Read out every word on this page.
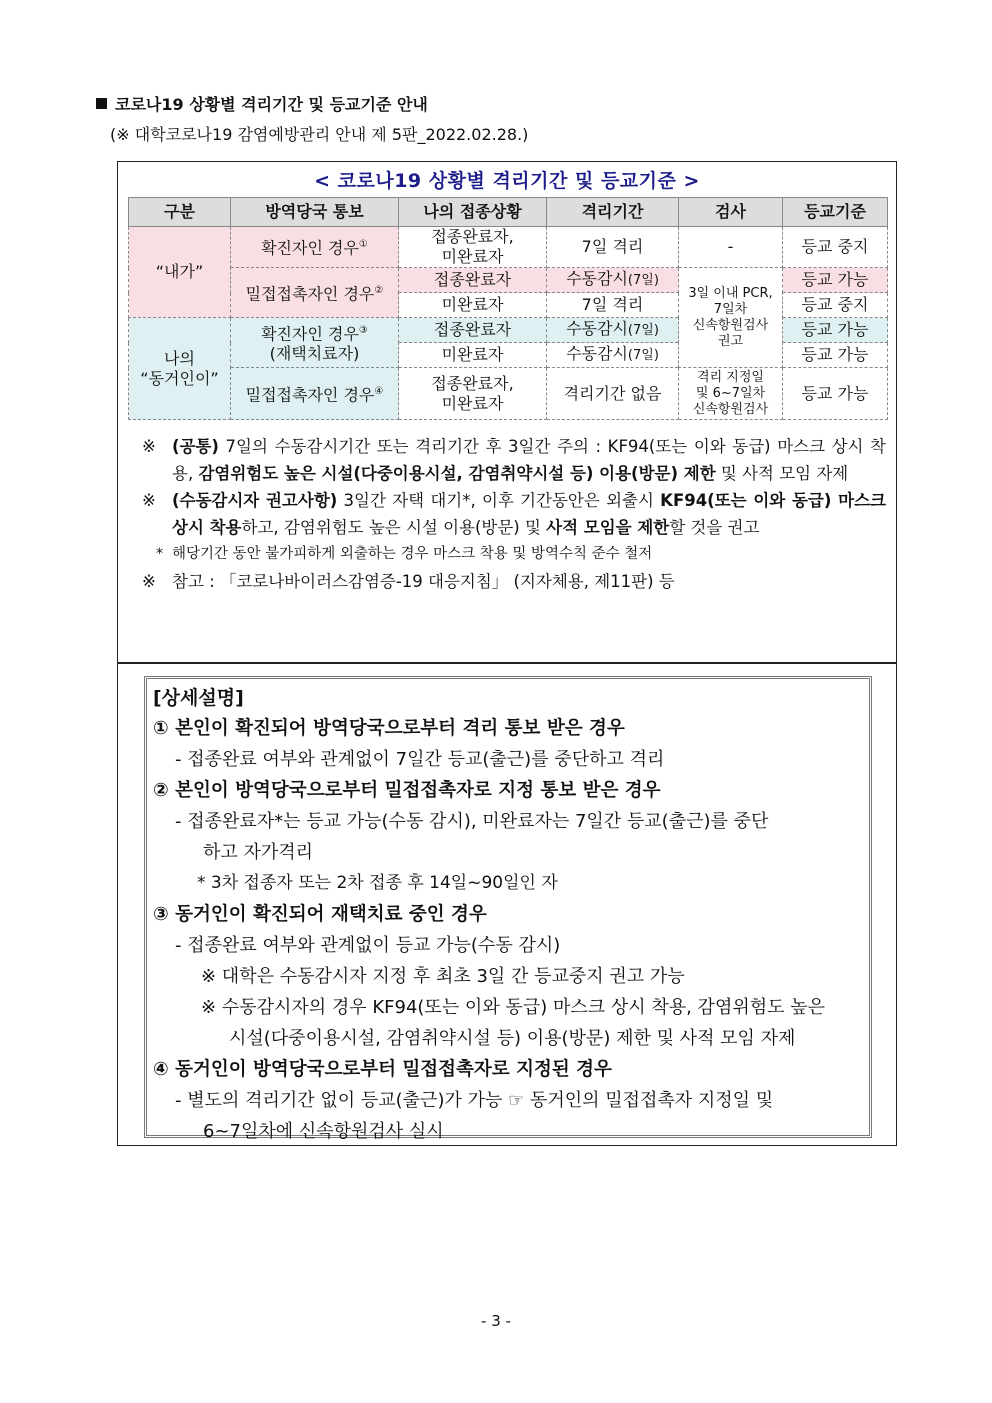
코로나19 상황별 격리기간 및 등교기준 안내
(※ 대학코로나19 감염예방관리 안내 제 5판_2022.02.28.)
< 코로나19 상황별 격리기간 및 등교기준 >
구분	방역당국 통보	나의 접종상황	격리기간	검사	등교기준
“내가”	확진자인 경우①	접종완료자,
미완료자	7일 격리	-	등교 중지
	밀접접촉자인 경우②	접종완료자	수동감시(7일)	3일 이내 PCR,
7일차
신속항원검사
권고	등교 가능
		미완료자	7일 격리		등교 중지
나의
“동거인이”	확진자인 경우③
(재택치료자)	접종완료자	수동감시(7일)		등교 가능
		미완료자	수동감시(7일)		등교 가능
	밀접접촉자인 경우④	접종완료자,
미완료자	격리기간 없음	격리 지정일
및 6~7일차
신속항원검사	등교 가능
※ (공통) 7일의 수동감시기간 또는 격리기간 후 3일간 주의 : KF94(또는 이와 동급) 마스크 상시 착용, 감염위험도 높은 시설(다중이용시설, 감염취약시설 등) 이용(방문) 제한 및 사적 모임 자제
※ (수동감시자 권고사항) 3일간 자택 대기*, 이후 기간동안은 외출시 KF94(또는 이와 동급) 마스크 상시 착용하고, 감염위험도 높은 시설 이용(방문) 및 사적 모임을 제한할 것을 권고
* 해당기간 동안 불가피하게 외출하는 경우 마스크 착용 및 방역수칙 준수 철저
※ 참고 : 「코로나바이러스감염증-19 대응지침」 (지자체용, 제11판) 등
[상세설명]
① 본인이 확진되어 방역당국으로부터 격리 통보 받은 경우
- 접종완료 여부와 관계없이 7일간 등교(출근)를 중단하고 격리
② 본인이 방역당국으로부터 밀접접촉자로 지정 통보 받은 경우
- 접종완료자*는 등교 가능(수동 감시), 미완료자는 7일간 등교(출근)를 중단
하고 자가격리
* 3차 접종자 또는 2차 접종 후 14일~90일인 자
③ 동거인이 확진되어 재택치료 중인 경우
- 접종완료 여부와 관계없이 등교 가능(수동 감시)
※ 대학은 수동감시자 지정 후 최초 3일 간 등교중지 권고 가능
※ 수동감시자의 경우 KF94(또는 이와 동급) 마스크 상시 착용, 감염위험도 높은
시설(다중이용시설, 감염취약시설 등) 이용(방문) 제한 및 사적 모임 자제
④ 동거인이 방역당국으로부터 밀접접촉자로 지정된 경우
- 별도의 격리기간 없이 등교(출근)가 가능 ☞ 동거인의 밀접접촉자 지정일 및
6~7일차에 신속항원검사 실시
- 3 -
